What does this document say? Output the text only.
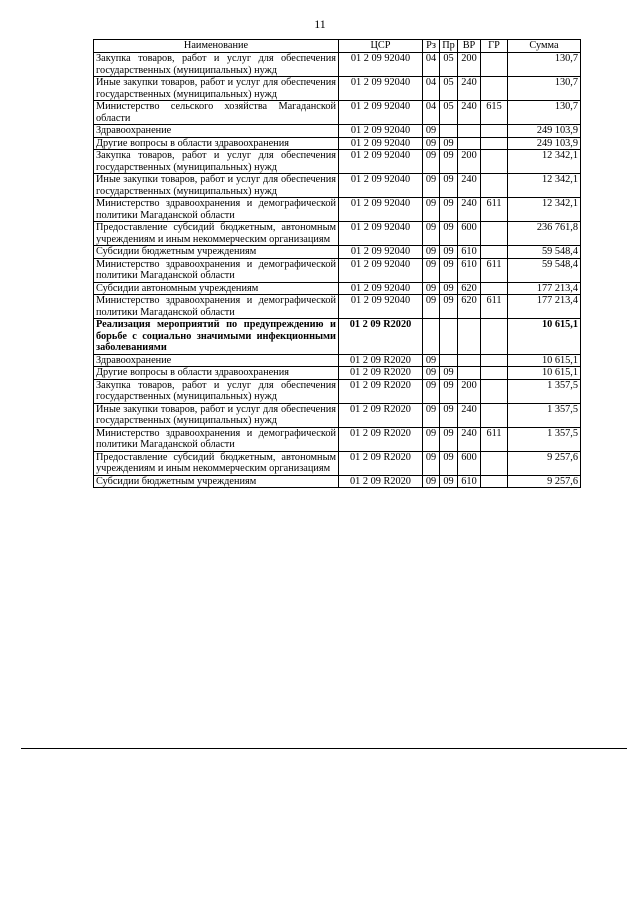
11
Наименование	ЦСР	Рз	Пр	ВР	ГР	Сумма
Закупка товаров, работ и услуг для обеспечения государственных (муниципальных) нужд	01 2 09 92040	04	05	200		130,7
Иные закупки товаров, работ и услуг для обеспечения государственных (муниципальных) нужд	01 2 09 92040	04	05	240		130,7
Министерство сельского хозяйства Магаданской области	01 2 09 92040	04	05	240	615	130,7
Здравоохранение	01 2 09 92040	09				249 103,9
Другие вопросы в области здравоохранения	01 2 09 92040	09	09			249 103,9
Закупка товаров, работ и услуг для обеспечения государственных (муниципальных) нужд	01 2 09 92040	09	09	200		12 342,1
Иные закупки товаров, работ и услуг для обеспечения государственных (муниципальных) нужд	01 2 09 92040	09	09	240		12 342,1
Министерство здравоохранения и демографической политики Магаданской области	01 2 09 92040	09	09	240	611	12 342,1
Предоставление субсидий бюджетным, автономным учреждениям и иным некоммерческим организациям	01 2 09 92040	09	09	600		236 761,8
Субсидии бюджетным учреждениям	01 2 09 92040	09	09	610		59 548,4
Министерство здравоохранения и демографической политики Магаданской области	01 2 09 92040	09	09	610	611	59 548,4
Субсидии автономным учреждениям	01 2 09 92040	09	09	620		177 213,4
Министерство здравоохранения и демографической политики Магаданской области	01 2 09 92040	09	09	620	611	177 213,4
Реализация мероприятий по предупреждению и борьбе с социально значимыми инфекционными заболеваниями	01 2 09 R2020					10 615,1
Здравоохранение	01 2 09 R2020	09				10 615,1
Другие вопросы в области здравоохранения	01 2 09 R2020	09	09			10 615,1
Закупка товаров, работ и услуг для обеспечения государственных (муниципальных) нужд	01 2 09 R2020	09	09	200		1 357,5
Иные закупки товаров, работ и услуг для обеспечения государственных (муниципальных) нужд	01 2 09 R2020	09	09	240		1 357,5
Министерство здравоохранения и демографической политики Магаданской области	01 2 09 R2020	09	09	240	611	1 357,5
Предоставление субсидий бюджетным, автономным учреждениям и иным некоммерческим организациям	01 2 09 R2020	09	09	600		9 257,6
Субсидии бюджетным учреждениям	01 2 09 R2020	09	09	610		9 257,6
